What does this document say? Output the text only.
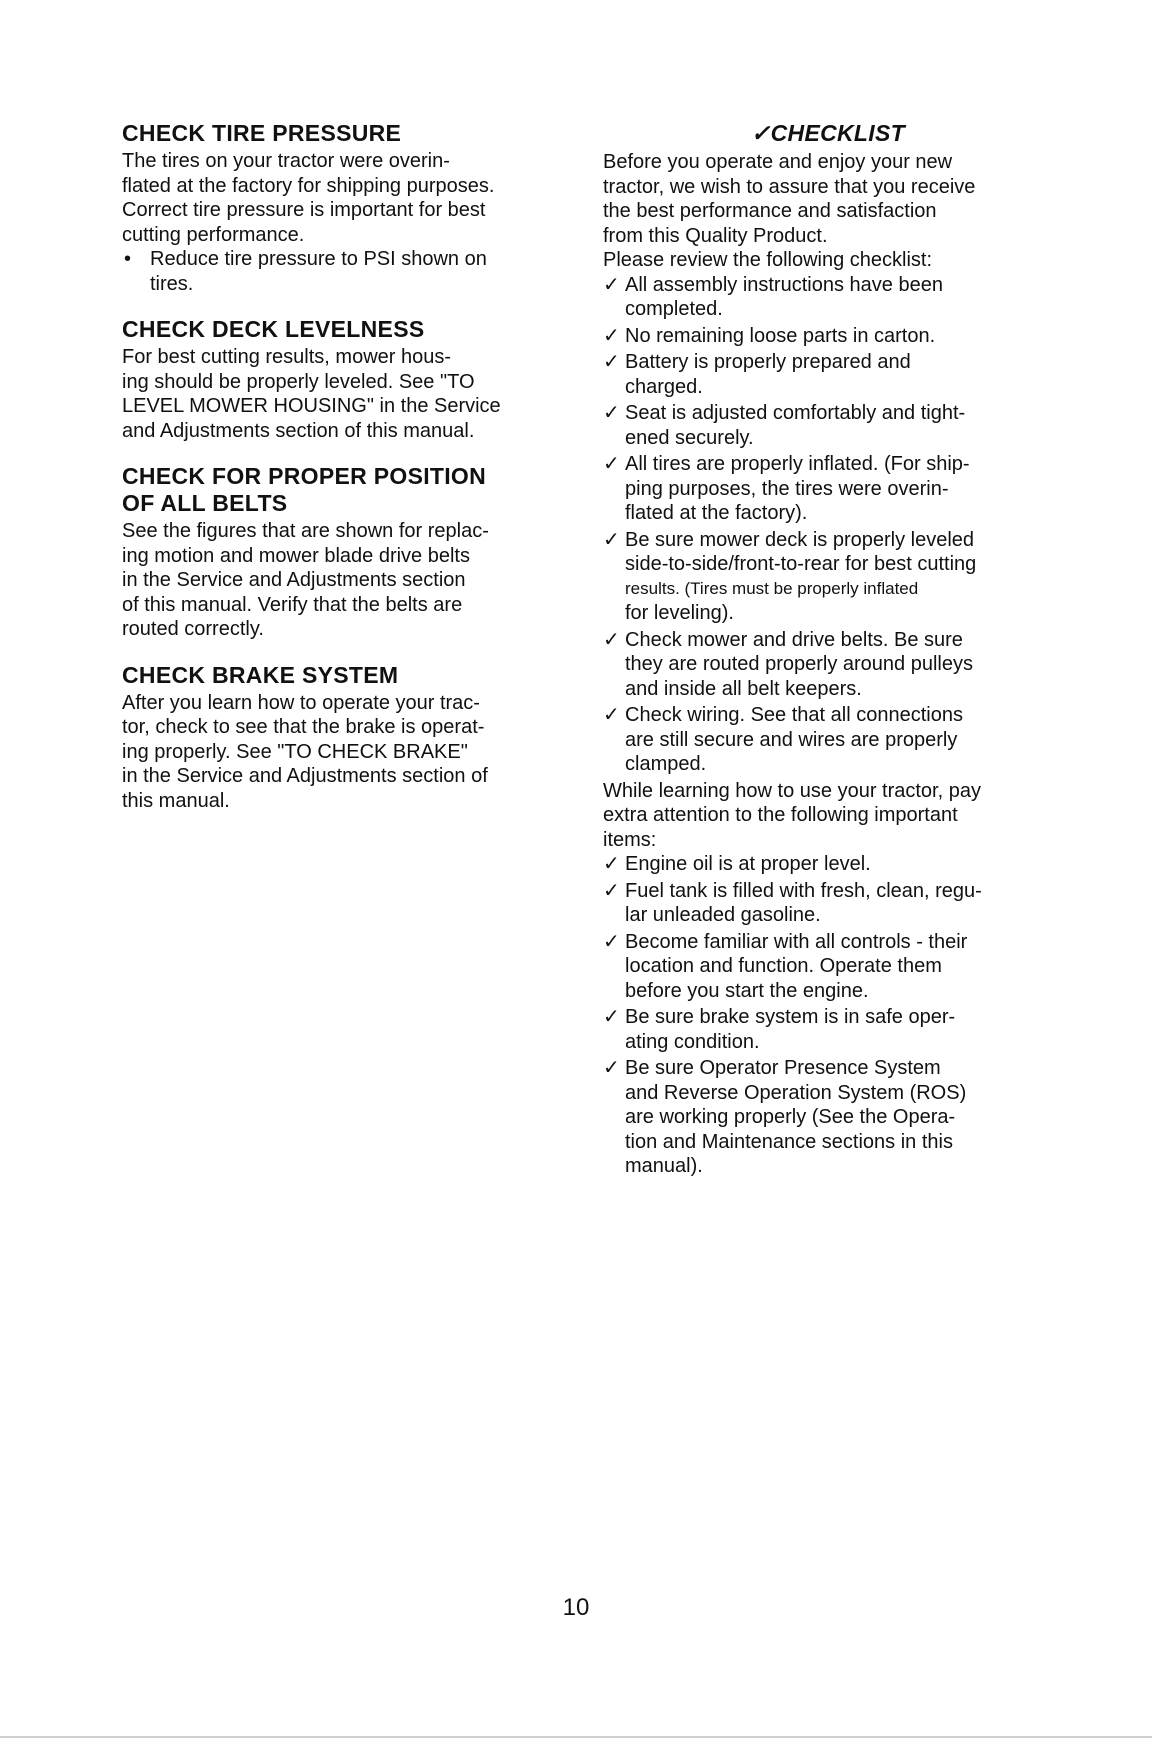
CHECK TIRE PRESSURE
The tires on your tractor were overin-
flated at the factory for shipping purposes.
Correct tire pressure is important for best
cutting performance.
• Reduce tire pressure to PSI shown on
tires.
CHECK DECK LEVELNESS
For best cutting results, mower hous-
ing should be properly leveled. See "TO
LEVEL MOWER HOUSING" in the Service
and Adjustments section of this manual.
CHECK FOR PROPER POSITION
OF ALL BELTS
See the figures that are shown for replac-
ing motion and mower blade drive belts
in the Service and Adjustments section
of this manual. Verify that the belts are
routed correctly.
CHECK BRAKE SYSTEM
After you learn how to operate your trac-
tor, check to see that the brake is operat-
ing properly. See "TO CHECK BRAKE"
in the Service and Adjustments section of
this manual.
✓CHECKLIST
Before you operate and enjoy your new
tractor, we wish to assure that you receive
the best performance and satisfaction
from this Quality Product.
Please review the following checklist:
✓ All assembly instructions have been
completed.
✓ No remaining loose parts in carton.
✓ Battery is properly prepared and
charged.
✓ Seat is adjusted comfortably and tight-
ened securely.
✓ All tires are properly inflated. (For ship-
ping purposes, the tires were overin-
flated at the factory).
✓ Be sure mower deck is properly leveled
side-to-side/front-to-rear for best cutting
results. (Tires must be properly inflated
for leveling).
✓ Check mower and drive belts. Be sure
they are routed properly around pulleys
and inside all belt keepers.
✓ Check wiring. See that all connections
are still secure and wires are properly
clamped.
While learning how to use your tractor, pay
extra attention to the following important
items:
✓ Engine oil is at proper level.
✓ Fuel tank is filled with fresh, clean, regu-
lar unleaded gasoline.
✓ Become familiar with all controls - their
location and function. Operate them
before you start the engine.
✓ Be sure brake system is in safe oper-
ating condition.
✓ Be sure Operator Presence System
and Reverse Operation System (ROS)
are working properly (See the Opera-
tion and Maintenance sections in this
manual).
10
